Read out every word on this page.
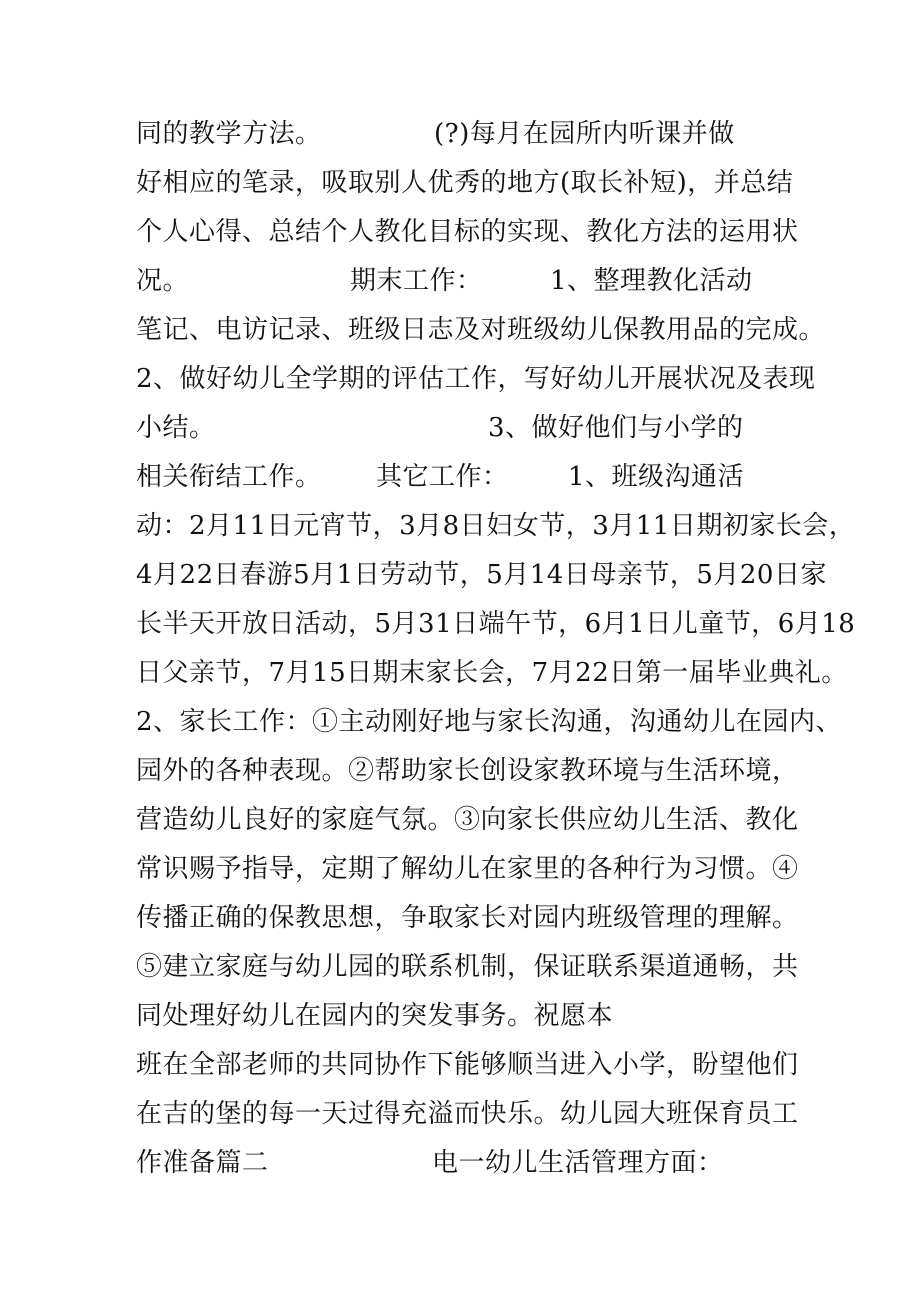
同的教学方法。

	(?)每月在园所内听课并做

好相应的笔录，吸取别人优秀的地方(取长补短)，并总结

个人心得、总结个人教化目标的实现、教化方法的运用状

况。

	期末工作：

	1、整理教化活动

笔记、电访记录、班级日志及对班级幼儿保教用品的完成。

2、做好幼儿全学期的评估工作，写好幼儿开展状况及表现

小结。

	3、做好他们与小学的

相关衔结工作。

其它工作：

1、班级沟通活

动：2月11日元宵节，3月8日妇女节，3月11日期初家长会，

4月22日春游5月1日劳动节，5月14日母亲节，5月20日家

长半天开放日活动，5月31日端午节，6月1日儿童节，6月18

日父亲节，7月15日期末家长会，7月22日第一届毕业典礼。

2、家长工作：①主动刚好地与家长沟通，沟通幼儿在园内、

园外的各种表现。②帮助家长创设家教环境与生活环境，

营造幼儿良好的家庭气氛。③向家长供应幼儿生活、教化

常识赐予指导，定期了解幼儿在家里的各种行为习惯。④

传播正确的保教思想，争取家长对园内班级管理的理解。

⑤建立家庭与幼儿园的联系机制，保证联系渠道通畅，共

同处理好幼儿在园内的突发事务。祝愿本

班在全部老师的共同协作下能够顺当进入小学，盼望他们

在吉的堡的每一天过得充溢而快乐。幼儿园大班保育员工

作准备篇二

	电一幼儿生活管理方面：
